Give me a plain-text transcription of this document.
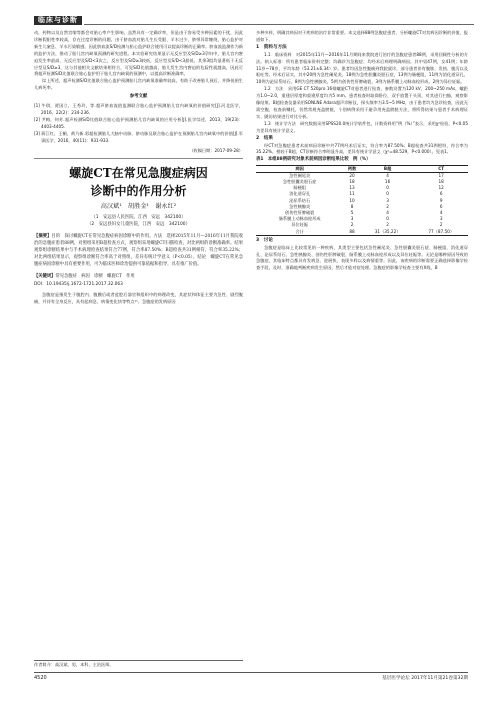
临床与诊断

动，药物以及自然宫缩等都会对胎心率产生影响，虽然具有一定确诊率，但是由于容易受多种因素的干扰，因此诊断假阳性率较高，存在过度诊断的问题。由于脐血流对胎儿生长受限、羊水过少、脐带异常缠绕、胎心监护对新生儿窒息、羊水污染敏感，因此脐血流S/D检测与胎心监护联合使用可以提高诊断的正确率。脐血流监测作为新的监护方法，推动了胎儿宫内缺氧预测的研究进程。本实验研究结果显示无反应型及S/D≥3孕妇中，胎儿宫内窘迫发生率最高，无反应型及S/D<3次之，反应型及S/D≥3较低，反应型及S/D<3最低，其余3组均显著低于无反应型及S/D≥3，这与其他相关文献结果相符合，可见S/D比值越高，胎儿发生宫内窘迫的危险性就越高，因此可将超声检测S/D比值联合胎心监护用于胎儿宫内缺氧的预测中，以提高诊断准确率。

综上所述，超声检测S/D比值联合胎心监护预测胎儿宫内缺氧准确率较高，有助于改善胎儿预后，并降低围生儿病死率。

参考文献

[1] 牛琪，贾国立，王秀玲，等.超声脐血流值监测联合胎心监护预测胎儿宫内缺氧的价值研究[J].河北医学，2016，22(2)：234-236.

[2] 尹梅，何芳.超声检测S/D比值联合胎心监护预测胎儿宫内缺氧的应用分析[J].医学综述，2013，19(23)：4403-4405.

[3] 蒋江红，王楣，黄乃新.彩超检测胎儿大脑中动脉、脐动脉及联合胎心监护在预测胎儿宫内缺氧中的价值[J].军事医学，2016，40(11)：931-933.

（收稿日期：2017-09-28）

螺旋CT在常见急腹症病因
诊断中的作用分析
高汉斌¹　胡胜金¹　谢永红²
（1　安远县人民医院，江西　安远　342100）
（2　安远县妇女儿童医院，江西　安远　342100）
【摘要】目的　探讨螺旋CT在常见急腹症病因诊断中的作用。方法　选择2015年11月—2016年11月我院收治的急腹症患者88例，对照组采用B超检查方式，观察组采用螺旋CT扫描检查，对比两组的诊断准确率。结果　观察组诊断结果中与手术病理检查结果符合77例，符合率87.50%；B超检查共31例相符，符合率35.22%；对比两组结果显示，观察组诊断符合率高于对照组，差异有统计学意义（P<0.05）。结论　螺旋CT在常见急腹症病因诊断中具有重要作用，可为临床医师诊治提供可靠依据和指导，具有推广价值。
【关键词】常见急腹症　病因　诊断　螺旋CT　作用

DOI：10.19435/j.1672-1721.2017.32.063

急腹症是指发生于腹腔内、腹膜后或者盆腔后器官和组织中的病理改变，其症状和体征主要为急性、剧烈腹痛，并伴有全身反应，具有起病急、病情变化快等特点¹¹。急腹症的发病原因

作者简介：高汉斌，男，本科，主治医师。

多种多样，明确其病因对于疾病的治疗非常重要。本文选择88例急腹症患者，分析螺旋CT对其病因诊断的价值，报道如下。

1　资料与方法

1.1　临床资料　对2015年11月—2016年11月期间来我院进行治疗的急腹症患者88例，采用回顾性分析的方法。纳入标准：所有患者临床资料完整；均确诊为急腹症；均经术后病理明确病因。其中男47例，女41例；年龄11岁~78岁，平均年龄（53.21±6.34）岁。患者均因急性腹痛到我院就诊，部分患者伴有腹胀、发热、腹泻以及呕吐等。经术后证实，其中20例为急性阑尾炎，18例为急性胆囊炎胆石症，13例为肠梗阻，11例为消化道穿孔，10例为泌尿系结石，8例为急性胰腺炎，5例为创伤性肝脾破裂，3例为肠系膜上动脉血栓形成，2例为异位妊娠。

1.2　方法　采用GE CT 520pro 16排螺旋CT对患者进行检查，参数设置为120 kV，200~250 mAs，螺距为1.0~2.0，重建层厚度和重建厚度均为5 mm。患者检查时取仰卧位，双手放置于头顶，对其进行扫描，观察影像结果。B超检查仪器采用SONLNE Adara超声诊断仪，探头频率为3.5~5 MHz，由于患者均为急诊检查，因此无需空腹，检查前嘱托，仍然常规充盈膀胱，个别病例采用于避孕用充盈膀胱方法，将所得结果与患者手术病理证实、随访结果进行对比分析。

1.3　统计学方法　研究数据采用SPSS20.0统计学软件包，计数资料用“例（%）”表示，采用χ²检验，P<0.05为差异有统计学意义。

2　结果

经CT对急腹症患者术前病因诊断中共77例经术后证实，符合率为87.50%；B超检查共31例相符，符合率为35.22%。相较于B超，CT诊断符合率明显升高，差异有统计学意义（χ²=48.529，P<0.000）。见表1。

表1　本组88例研究对象术前病因诊断结果比较　例（%）
病因	例数	B超	CT
急性阑尾炎	20	4	17
急性胆囊炎胆石症	18	16	18
肠梗阻	13	0	12
消化道穿孔	11	0	6
泌尿系结石	10	3	9
急性胰腺炎	8	2	6
创伤性肝脾破裂	5	4	4
肠系膜上动脉血栓形成	3	0	3
异位妊娠	2	2	2
合计	88	31（35.22）	77（87.50）

3　讨论

急腹症是临床上比较常见的一种疾病，其类型主要包括急性阑尾炎、急性胆囊炎胆石症、肠梗阻、消化道穿孔、泌尿系结石、急性胰腺炎、创伤性肝脾破裂、肠系膜上动脉血栓形成以及异位妊娠等。无论是哪种原因导致的急腹症，其临床特点都具有发病急、进展快、表现多样以及病情重等。因此，该疾病的诊断需要正确选择影像学检查手段，及时、准确地判断疾病发生原因，然后才能对症处理。急腹症的影像学检查主要有X线、B

4520	基层医学论坛 2017年11月第21卷第32期
